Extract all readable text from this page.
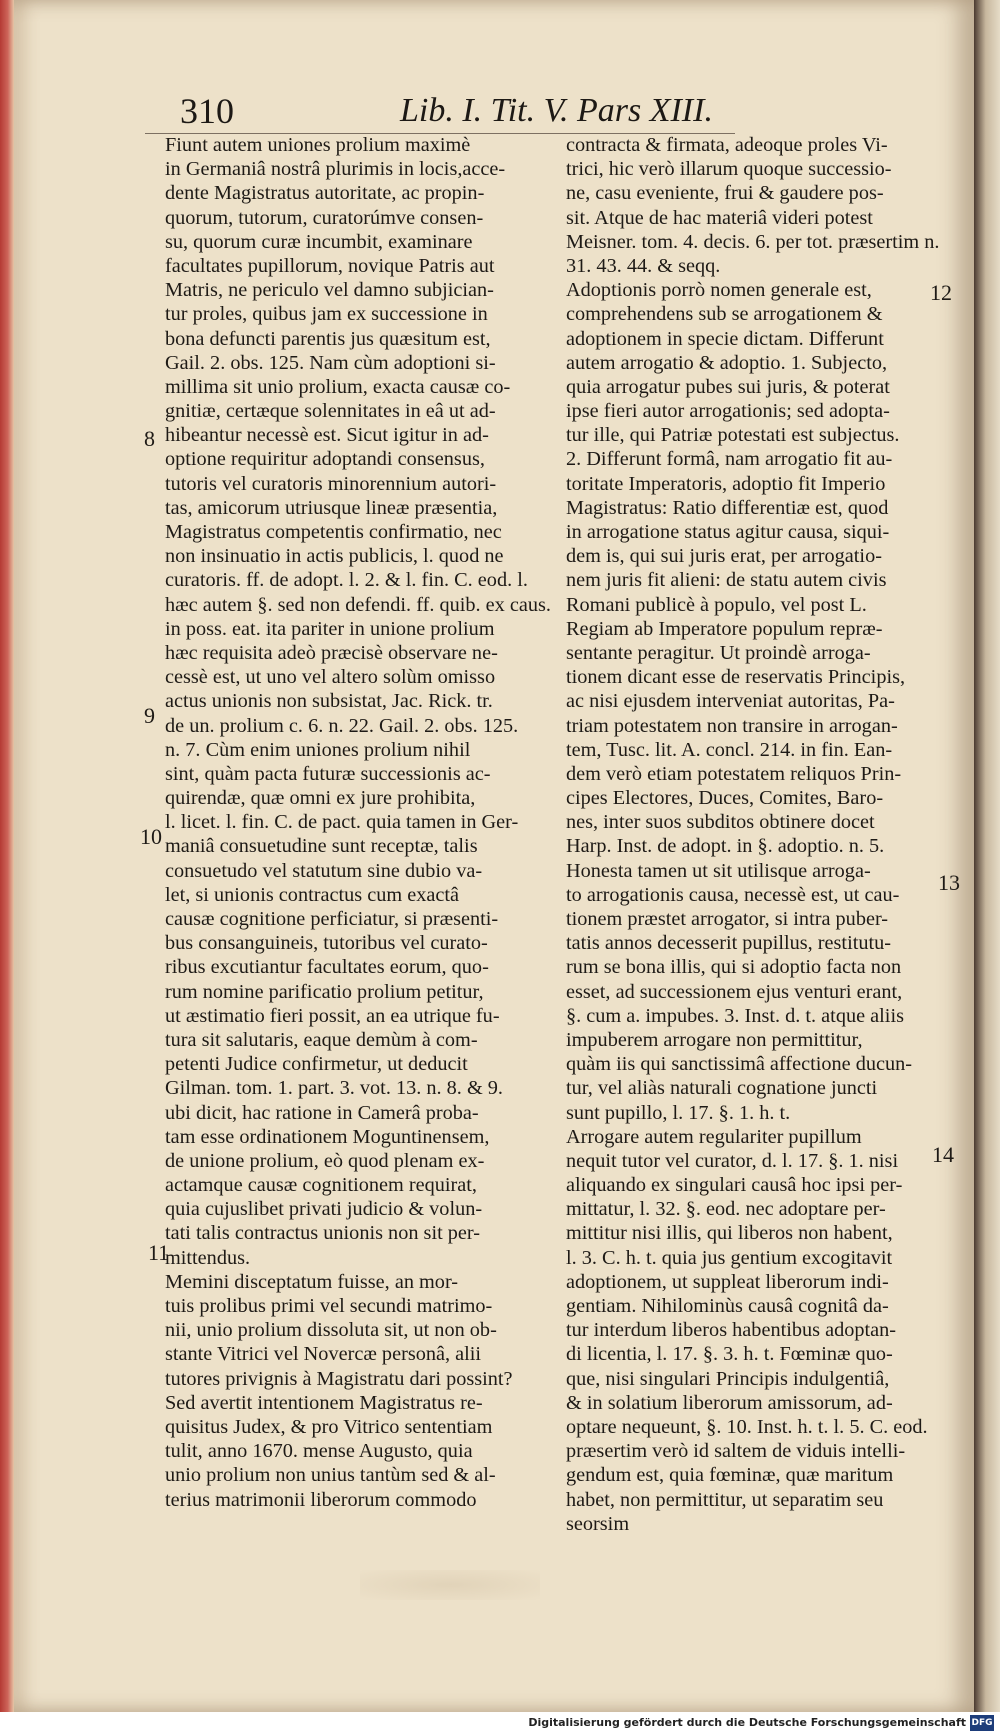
310	Lib. I. Tit. V. Pars XIII.
Fiunt autem uniones prolium maximè
in Germaniâ nostrâ plurimis in locis,acce-
dente Magistratus autoritate, ac propin-
quorum, tutorum, curatorúmve consen-
su, quorum curæ incumbit, examinare
facultates pupillorum, novique Patris aut
Matris, ne periculo vel damno subjician-
tur proles, quibus jam ex successione in
bona defuncti parentis jus quæsitum est,
Gail. 2. obs. 125. Nam cùm adoptioni si-
millima sit unio prolium, exacta causæ co-
gnitiæ, certæque solennitates in eâ ut ad-
hibeantur necessè est. Sicut igitur in ad-
optione requiritur adoptandi consensus,
tutoris vel curatoris minorennium autori-
tas, amicorum utriusque lineæ præsentia,
Magistratus competentis confirmatio, nec
non insinuatio in actis publicis, l. quod ne
curatoris. ff. de adopt. l. 2. & l. fin. C. eod. l.
hæc autem §. sed non defendi. ff. quib. ex caus.
in poss. eat. ita pariter in unione prolium
hæc requisita adeò præcisè observare ne-
cessè est, ut uno vel altero solùm omisso
actus unionis non subsistat, Jac. Rick. tr.
de un. prolium c. 6. n. 22. Gail. 2. obs. 125.
n. 7. Cùm enim uniones prolium nihil
sint, quàm pacta futuræ successionis ac-
quirendæ, quæ omni ex jure prohibita,
l. licet. l. fin. C. de pact. quia tamen in Ger-
maniâ consuetudine sunt receptæ, talis
consuetudo vel statutum sine dubio va-
let, si unionis contractus cum exactâ
causæ cognitione perficiatur, si præsenti-
bus consanguineis, tutoribus vel curato-
ribus excutiantur facultates eorum, quo-
rum nomine parificatio prolium petitur,
ut æstimatio fieri possit, an ea utrique fu-
tura sit salutaris, eaque demùm à com-
petenti Judice confirmetur, ut deducit
Gilman. tom. 1. part. 3. vot. 13. n. 8. & 9.
ubi dicit, hac ratione in Camerâ proba-
tam esse ordinationem Moguntinensem,
de unione prolium, eò quod plenam ex-
actamque causæ cognitionem requirat,
quia cujuslibet privati judicio & volun-
tati talis contractus unionis non sit per-
mittendus.
Memini disceptatum fuisse, an mor-
tuis prolibus primi vel secundi matrimo-
nii, unio prolium dissoluta sit, ut non ob-
stante Vitrici vel Novercæ personâ, alii
tutores privignis à Magistratu dari possint?
Sed avertit intentionem Magistratus re-
quisitus Judex, & pro Vitrico sententiam
tulit, anno 1670. mense Augusto, quia
unio prolium non unius tantùm sed & al-
terius matrimonii liberorum commodo
contracta & firmata, adeoque proles Vi-
trici, hic verò illarum quoque successio-
ne, casu eveniente, frui & gaudere pos-
sit. Atque de hac materiâ videri potest
Meisner. tom. 4. decis. 6. per tot. præsertim n.
31. 43. 44. & seqq.
Adoptionis porrò nomen generale est,
comprehendens sub se arrogationem &
adoptionem in specie dictam. Differunt
autem arrogatio & adoptio. 1. Subjecto,
quia arrogatur pubes sui juris, & poterat
ipse fieri autor arrogationis; sed adopta-
tur ille, qui Patriæ potestati est subjectus.
2. Differunt formâ, nam arrogatio fit au-
toritate Imperatoris, adoptio fit Imperio
Magistratus: Ratio differentiæ est, quod
in arrogatione status agitur causa, siqui-
dem is, qui sui juris erat, per arrogatio-
nem juris fit alieni: de statu autem civis
Romani publicè à populo, vel post L.
Regiam ab Imperatore populum repræ-
sentante peragitur. Ut proindè arroga-
tionem dicant esse de reservatis Principis,
ac nisi ejusdem interveniat autoritas, Pa-
triam potestatem non transire in arrogan-
tem, Tusc. lit. A. concl. 214. in fin. Ean-
dem verò etiam potestatem reliquos Prin-
cipes Electores, Duces, Comites, Baro-
nes, inter suos subditos obtinere docet
Harp. Inst. de adopt. in §. adoptio. n. 5.
Honesta tamen ut sit utilisque arroga-
to arrogationis causa, necessè est, ut cau-
tionem præstet arrogator, si intra puber-
tatis annos decesserit pupillus, restitutu-
rum se bona illis, qui si adoptio facta non
esset, ad successionem ejus venturi erant,
§. cum a. impubes. 3. Inst. d. t. atque aliis
impuberem arrogare non permittitur,
quàm iis qui sanctissimâ affectione ducun-
tur, vel aliàs naturali cognatione juncti
sunt pupillo, l. 17. §. 1. h. t.
Arrogare autem regulariter pupillum
nequit tutor vel curator, d. l. 17. §. 1. nisi
aliquando ex singulari causâ hoc ipsi per-
mittatur, l. 32. §. eod. nec adoptare per-
mittitur nisi illis, qui liberos non habent,
l. 3. C. h. t. quia jus gentium excogitavit
adoptionem, ut suppleat liberorum indi-
gentiam. Nihilominùs causâ cognitâ da-
tur interdum liberos habentibus adoptan-
di licentia, l. 17. §. 3. h. t. Fœminæ quo-
que, nisi singulari Principis indulgentiâ,
& in solatium liberorum amissorum, ad-
optare nequeunt, §. 10. Inst. h. t. l. 5. C. eod.
præsertim verò id saltem de viduis intelli-
gendum est, quia fœminæ, quæ maritum
habet, non permittitur, ut separatim seu
seorsim
8
9
10
11
12
13
14
Digitalisierung gefördert durch die Deutsche Forschungsgemeinschaft DFG
